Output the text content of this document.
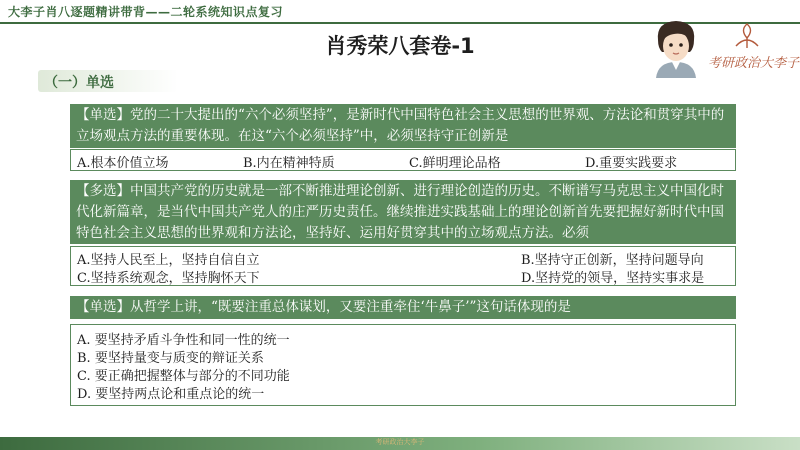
大李子肖八逐题精讲带背——二轮系统知识点复习
肖秀荣八套卷-1
考研政治大李子
（一）单选
【单选】党的二十大提出的“六个必须坚持”，是新时代中国特色社会主义思想的世界观、方法论和贯穿其中的立场观点方法的重要体现。在这“六个必须坚持”中，必须坚持守正创新是
A.根本价值立场	B.内在精神特质	C.鲜明理论品格	D.重要实践要求
【多选】中国共产党的历史就是一部不断推进理论创新、进行理论创造的历史。不断谱写马克思主义中国化时代化新篇章，是当代中国共产党人的庄严历史责任。继续推进实践基础上的理论创新首先要把握好新时代中国特色社会主义思想的世界观和方法论，坚持好、运用好贯穿其中的立场观点方法。必须
A.坚持人民至上，坚持自信自立	B.坚持守正创新，坚持问题导向
C.坚持系统观念，坚持胸怀天下	D.坚持党的领导，坚持实事求是
【单选】从哲学上讲，“既要注重总体谋划，又要注重牵住‘牛鼻子’”这句话体现的是
A. 要坚持矛盾斗争性和同一性的统一
B. 要坚持量变与质变的辩证关系
C. 要正确把握整体与部分的不同功能
D. 要坚持两点论和重点论的统一
考研政治大李子
